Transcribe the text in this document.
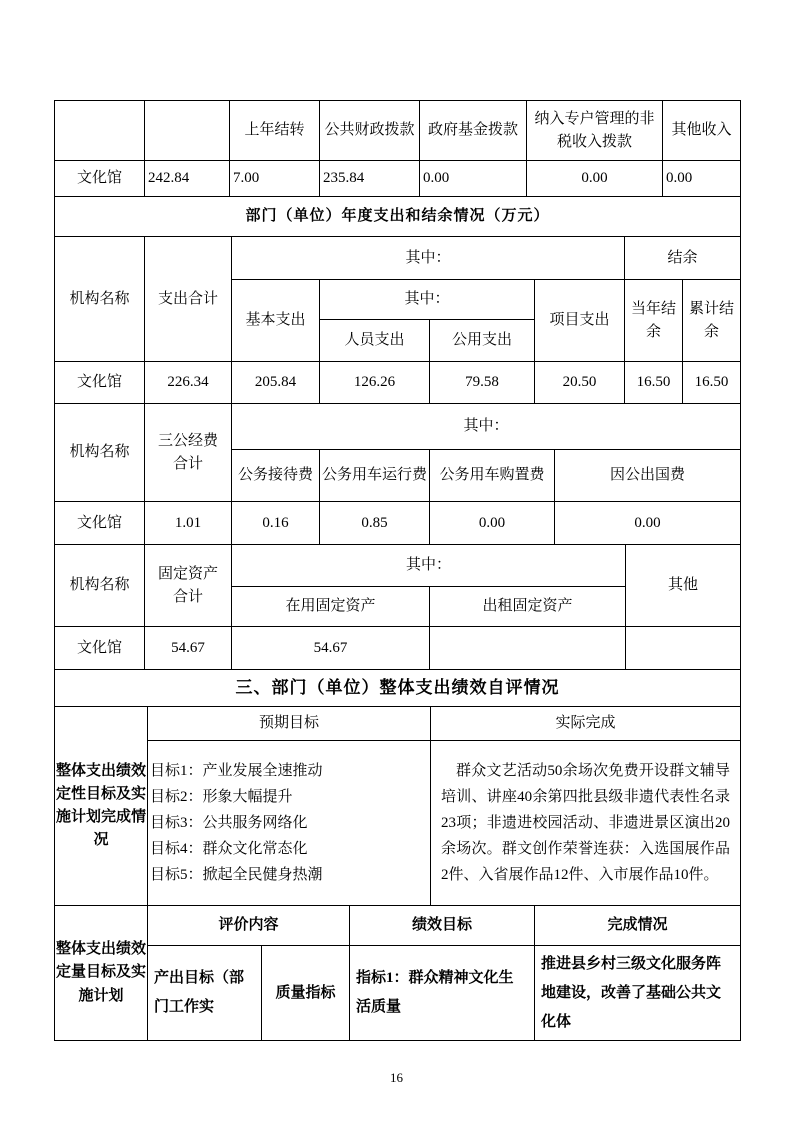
		上年结转	公共财政拨款	政府基金拨款	纳入专户管理的非税收入拨款	其他收入
文化馆	242.84	7.00	235.84	0.00	0.00	0.00
部门（单位）年度支出和结余情况（万元）
机构名称	支出合计	其中：				结余	
		基本支出	其中：		项目支出	当年结余	累计结余
			人员支出	公用支出			
文化馆	226.34	205.84	126.26	79.58	20.50	16.50	16.50
机构名称	三公经费合计	其中：			
		公务接待费	公务用车运行费	公务用车购置费	因公出国费
文化馆	1.01	0.16	0.85	0.00	0.00
机构名称	固定资产合计	其中：		其他
		在用固定资产	出租固定资产	
文化馆	54.67	54.67		
三、部门（单位）整体支出绩效自评情况
整体支出绩效定性目标及实施计划完成情况	预期目标	实际完成

	目标1：产业发展全速推动
目标2：形象大幅提升
目标3：公共服务网络化
目标4：群众文化常态化
目标5：掀起全民健身热潮	群众文艺活动50余场次免费开设群文辅导培训、讲座40余第四批县级非遗代表性名录23项；非遗进校园活动、非遗进景区演出20余场次。群文创作荣誉连获：入选国展作品2件、入省展作品12件、入市展作品10件。

整体支出绩效定量目标及实施计划	评价内容		绩效目标	完成情况
	产出目标（部门工作实	质量指标	指标1：群众精神文化生活质量	推进县乡村三级文化服务阵地建设，改善了基础公共文化体
16
